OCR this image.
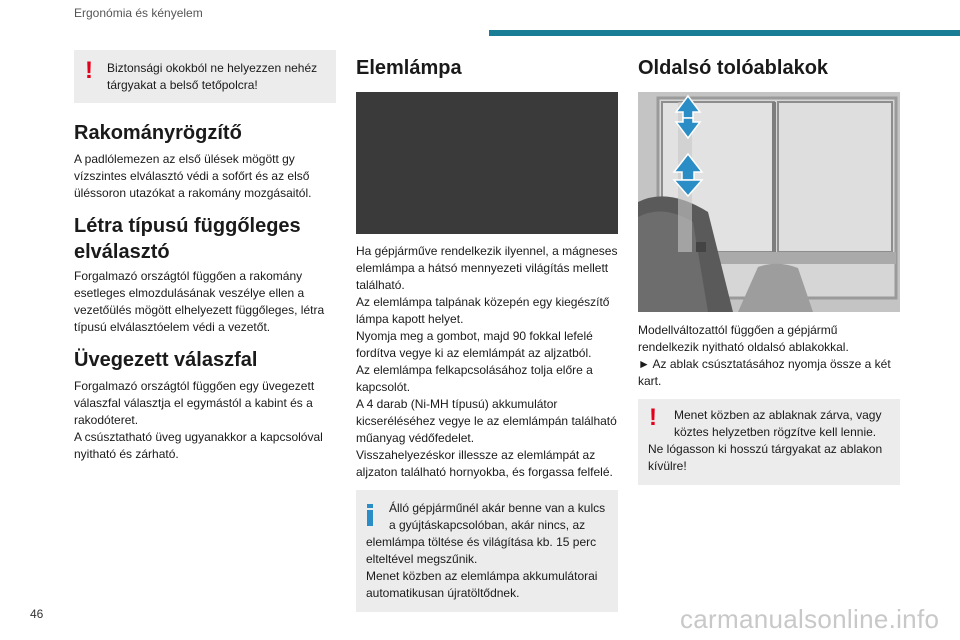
Ergonómia és kényelem
! Biztonsági okokból ne helyezzen nehéz tárgyakat a belső tetőpolcra!
Rakományrögzítő

A padlólemezen az első ülések mögött gy vízszintes elválasztó védi a sofőrt és az első üléssoron utazókat a rakomány mozgásaitól.

Létra típusú függőleges elválasztó

Forgalmazó országtól függően a rakomány esetleges elmozdulásának veszélye ellen a vezetőülés mögött elhelyezett függőleges, létra típusú elválasztóelem védi a vezetőt.

Üvegezett válaszfal

Forgalmazó országtól függően egy üvegezett válaszfal választja el egymástól a kabint és a rakodóteret.
A csúsztatható üveg ugyanakkor a kapcsolóval nyitható és zárható.

Elemlámpa

Ha gépjárműve rendelkezik ilyennel, a mágneses elemlámpa a hátsó mennyezeti világítás mellett található.

Az elemlámpa talpának közepén egy kiegészítő lámpa kapott helyet.

Nyomja meg a gombot, majd 90 fokkal lefelé fordítva vegye ki az elemlámpát az aljzatból.

Az elemlámpa felkapcsolásához tolja előre a kapcsolót.

A 4 darab (Ni-MH típusú) akkumulátor kicseréléséhez vegye le az elemlámpán található műanyag védőfedelet.

Visszahelyezéskor illessze az elemlámpát az aljzaton található hornyokba, és forgassa felfelé.

Álló gépjárműnél akár benne van a kulcs a gyújtáskapcsolóban, akár nincs, az
elemlámpa töltése és világítása kb. 15 perc elteltével megszűnik.
Menet közben az elemlámpa akkumulátorai automatikusan újratöltődnek.
Oldalsó tolóablakok

Modellváltozattól függően a gépjármű rendelkezik nyitható oldalsó ablakokkal.

► Az ablak csúsztatásához nyomja össze a két kart.

!	Menet közben az ablaknak zárva, vagy köztes helyzetben rögzítve kell lennie.
Ne lógasson ki hosszú tárgyakat az ablakon kívülre!
46	carmanualsonline.info
